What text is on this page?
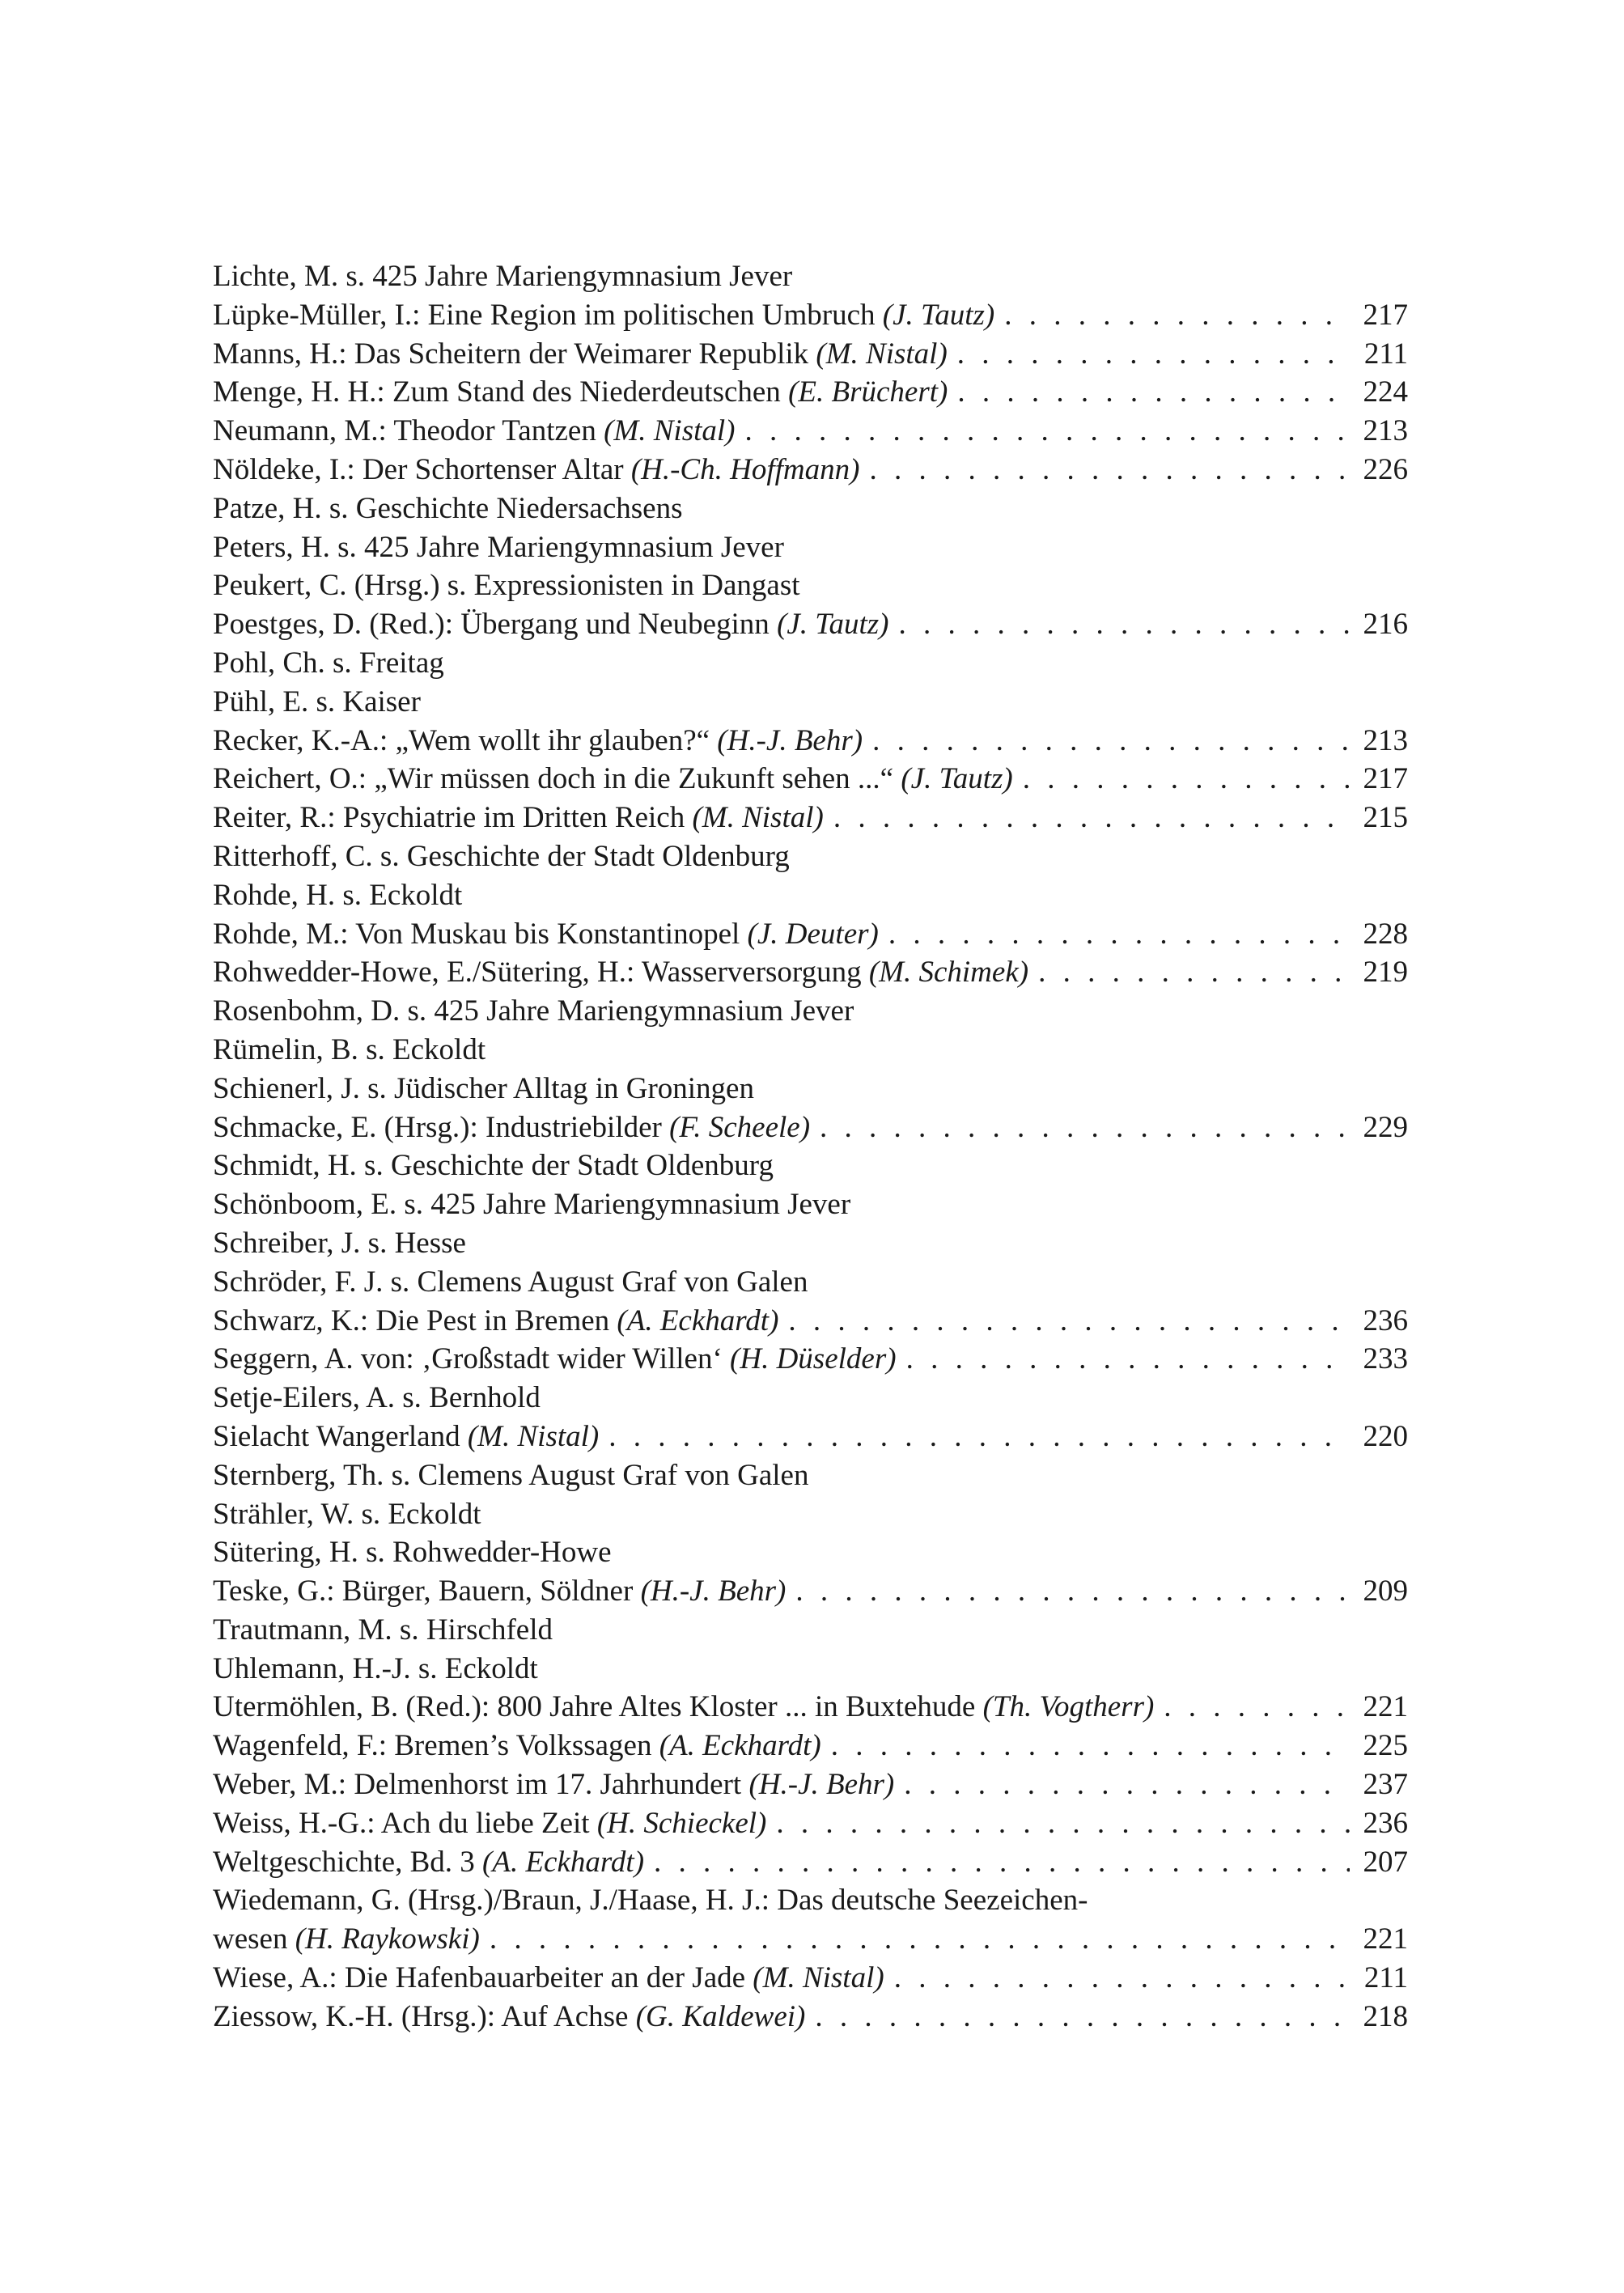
Lichte, M. s. 425 Jahre Mariengymnasium Jever
Lüpke-Müller, I.: Eine Region im politischen Umbruch (J. Tautz) . . .	217
Manns, H.: Das Scheitern der Weimarer Republik (M. Nistal) . . .	211
Menge, H. H.: Zum Stand des Niederdeutschen (E. Brüchert) . . .	224
Neumann, M.: Theodor Tantzen (M. Nistal) . . .	213
Nöldeke, I.: Der Schortenser Altar (H.-Ch. Hoffmann) . . .	226
Patze, H. s. Geschichte Niedersachsens
Peters, H. s. 425 Jahre Mariengymnasium Jever
Peukert, C. (Hrsg.) s. Expressionisten in Dangast
Poestges, D. (Red.): Übergang und Neubeginn (J. Tautz) . . .	216
Pohl, Ch. s. Freitag
Pühl, E. s. Kaiser
Recker, K.-A.: „Wem wollt ihr glauben?“ (H.-J. Behr) . . .	213
Reichert, O.: „Wir müssen doch in die Zukunft sehen ...“ (J. Tautz) . . .	217
Reiter, R.: Psychiatrie im Dritten Reich (M. Nistal) . . .	215
Ritterhoff, C. s. Geschichte der Stadt Oldenburg
Rohde, H. s. Eckoldt
Rohde, M.: Von Muskau bis Konstantinopel (J. Deuter) . . .	228
Rohwedder-Howe, E./Sütering, H.: Wasserversorgung (M. Schimek) . . .	219
Rosenbohm, D. s. 425 Jahre Mariengymnasium Jever
Rümelin, B. s. Eckoldt
Schienerl, J. s. Jüdischer Alltag in Groningen
Schmacke, E. (Hrsg.): Industriebilder (F. Scheele) . . .	229
Schmidt, H. s. Geschichte der Stadt Oldenburg
Schönboom, E. s. 425 Jahre Mariengymnasium Jever
Schreiber, J. s. Hesse
Schröder, F. J. s. Clemens August Graf von Galen
Schwarz, K.: Die Pest in Bremen (A. Eckhardt) . . .	236
Seggern, A. von: ‚Großstadt wider Willen‘ (H. Düselder) . . .	233
Setje-Eilers, A. s. Bernhold
Sielacht Wangerland (M. Nistal) . . .	220
Sternberg, Th. s. Clemens August Graf von Galen
Strähler, W. s. Eckoldt
Sütering, H. s. Rohwedder-Howe
Teske, G.: Bürger, Bauern, Söldner (H.-J. Behr) . . .	209
Trautmann, M. s. Hirschfeld
Uhlemann, H.-J. s. Eckoldt
Utermöhlen, B. (Red.): 800 Jahre Altes Kloster ... in Buxtehude (Th. Vogtherr) . . .	221
Wagenfeld, F.: Bremen’s Volkssagen (A. Eckhardt) . . .	225
Weber, M.: Delmenhorst im 17. Jahrhundert (H.-J. Behr) . . .	237
Weiss, H.-G.: Ach du liebe Zeit (H. Schieckel) . . .	236
Weltgeschichte, Bd. 3 (A. Eckhardt) . . .	207
Wiedemann, G. (Hrsg.)/Braun, J./Haase, H. J.: Das deutsche Seezeichen-
wesen (H. Raykowski) . . .	221
Wiese, A.: Die Hafenbauarbeiter an der Jade (M. Nistal) . . .	211
Ziessow, K.-H. (Hrsg.): Auf Achse (G. Kaldewei) . . .	218
